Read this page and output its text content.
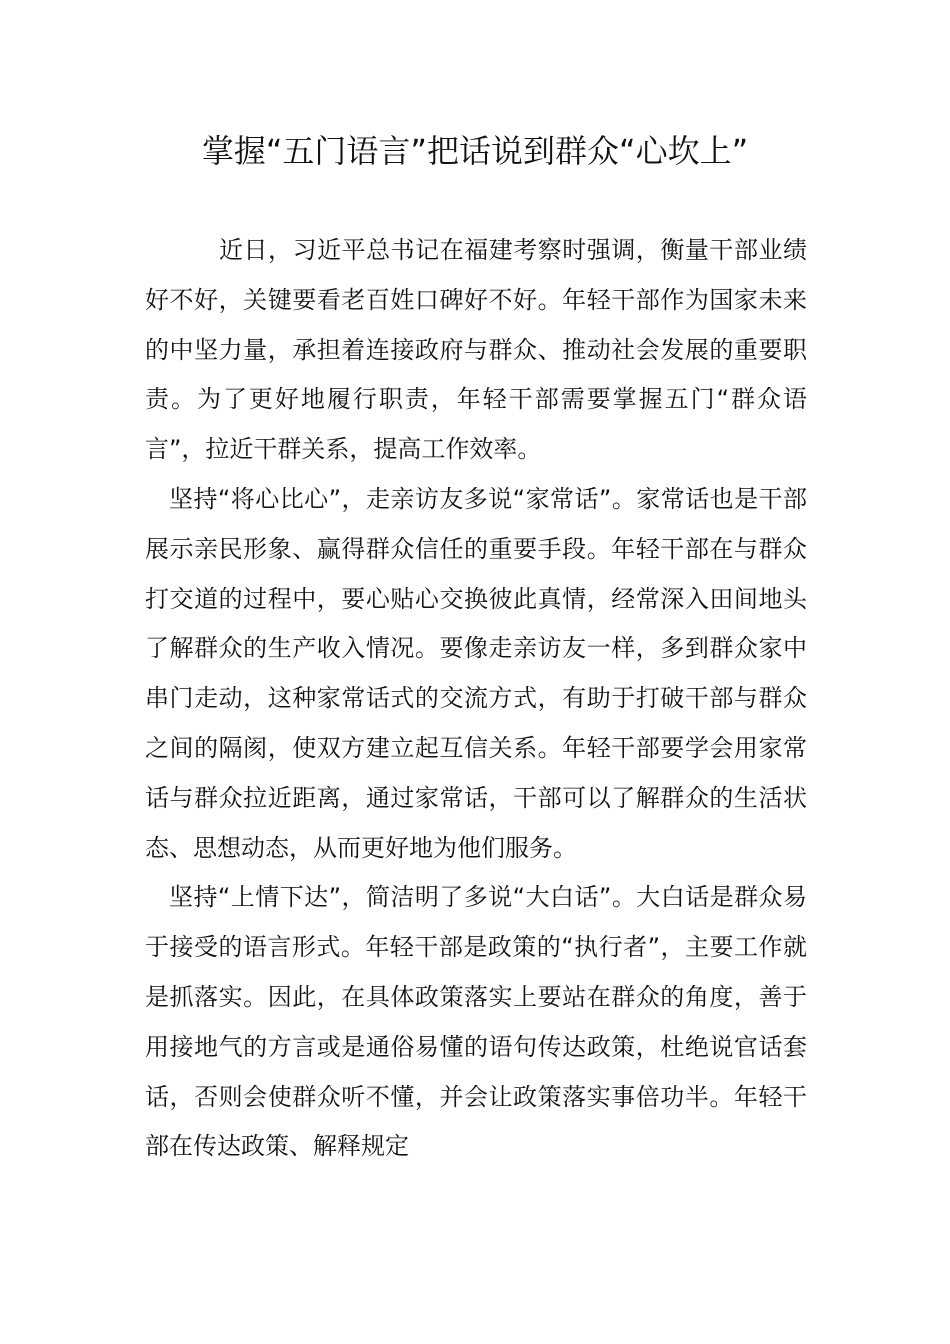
掌握“五门语言”把话说到群众“心坎上”

近日，习近平总书记在福建考察时强调，衡量干部业绩好不好，关键要看老百姓口碑好不好。年轻干部作为国家未来的中坚力量，承担着连接政府与群众、推动社会发展的重要职责。为了更好地履行职责，年轻干部需要掌握五门“群众语言”，拉近干群关系，提高工作效率。

坚持“将心比心”，走亲访友多说“家常话”。家常话也是干部展示亲民形象、赢得群众信任的重要手段。年轻干部在与群众打交道的过程中，要心贴心交换彼此真情，经常深入田间地头了解群众的生产收入情况。要像走亲访友一样，多到群众家中串门走动，这种家常话式的交流方式，有助于打破干部与群众之间的隔阂，使双方建立起互信关系。年轻干部要学会用家常话与群众拉近距离，通过家常话，干部可以了解群众的生活状态、思想动态，从而更好地为他们服务。

坚持“上情下达”，简洁明了多说“大白话”。大白话是群众易于接受的语言形式。年轻干部是政策的“执行者”，主要工作就是抓落实。因此，在具体政策落实上要站在群众的角度，善于用接地气的方言或是通俗易懂的语句传达政策，杜绝说官话套话，否则会使群众听不懂，并会让政策落实事倍功半。年轻干部在传达政策、解释规定
